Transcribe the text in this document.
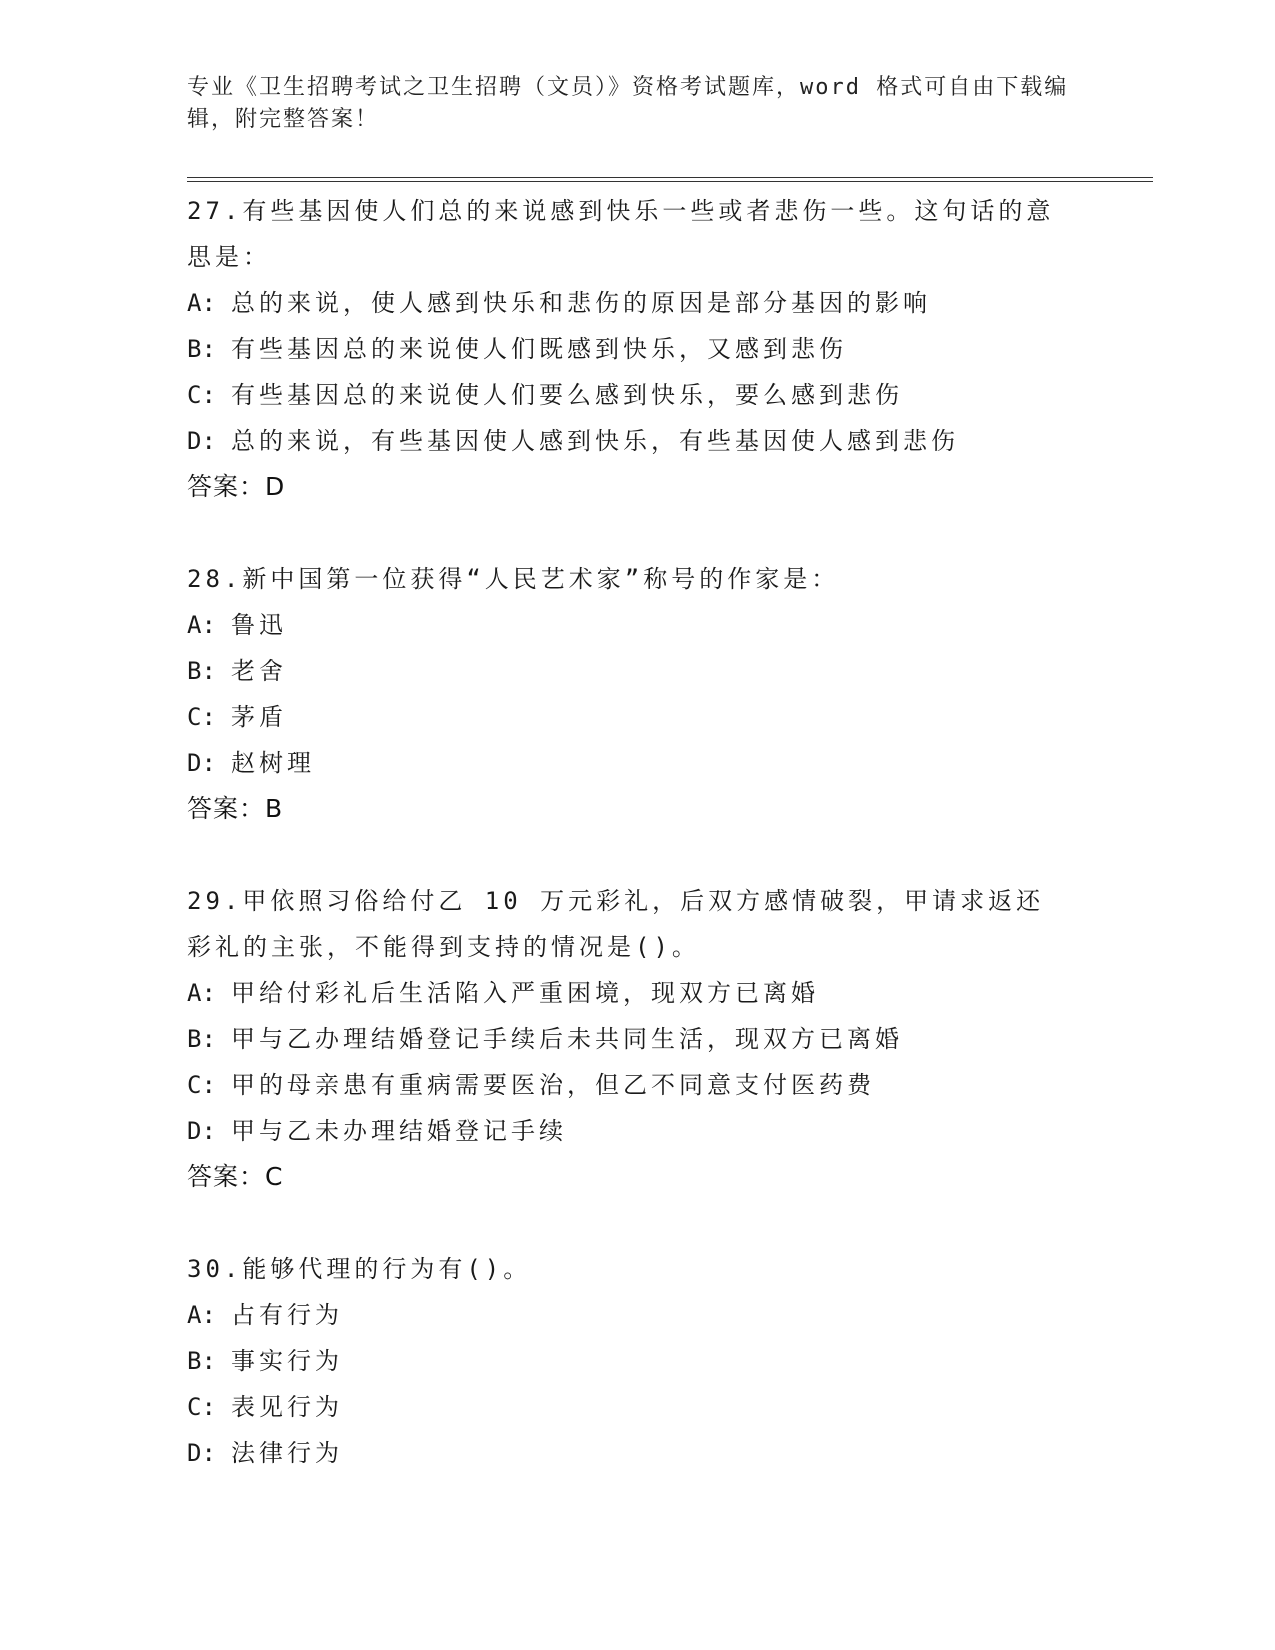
专业《卫生招聘考试之卫生招聘（文员）》资格考试题库，word 格式可自由下载编辑，附完整答案！
27.有些基因使人们总的来说感到快乐一些或者悲伤一些。这句话的意思是：
A: 总的来说，使人感到快乐和悲伤的原因是部分基因的影响
B: 有些基因总的来说使人们既感到快乐，又感到悲伤
C: 有些基因总的来说使人们要么感到快乐，要么感到悲伤
D: 总的来说，有些基因使人感到快乐，有些基因使人感到悲伤
答案：D
28.新中国第一位获得“人民艺术家”称号的作家是：
A: 鲁迅
B: 老舍
C: 茅盾
D: 赵树理
答案：B
29.甲依照习俗给付乙 10 万元彩礼，后双方感情破裂，甲请求返还彩礼的主张，不能得到支持的情况是()。
A: 甲给付彩礼后生活陷入严重困境，现双方已离婚
B: 甲与乙办理结婚登记手续后未共同生活，现双方已离婚
C: 甲的母亲患有重病需要医治，但乙不同意支付医药费
D: 甲与乙未办理结婚登记手续
答案：C
30.能够代理的行为有()。
A: 占有行为
B: 事实行为
C: 表见行为
D: 法律行为
